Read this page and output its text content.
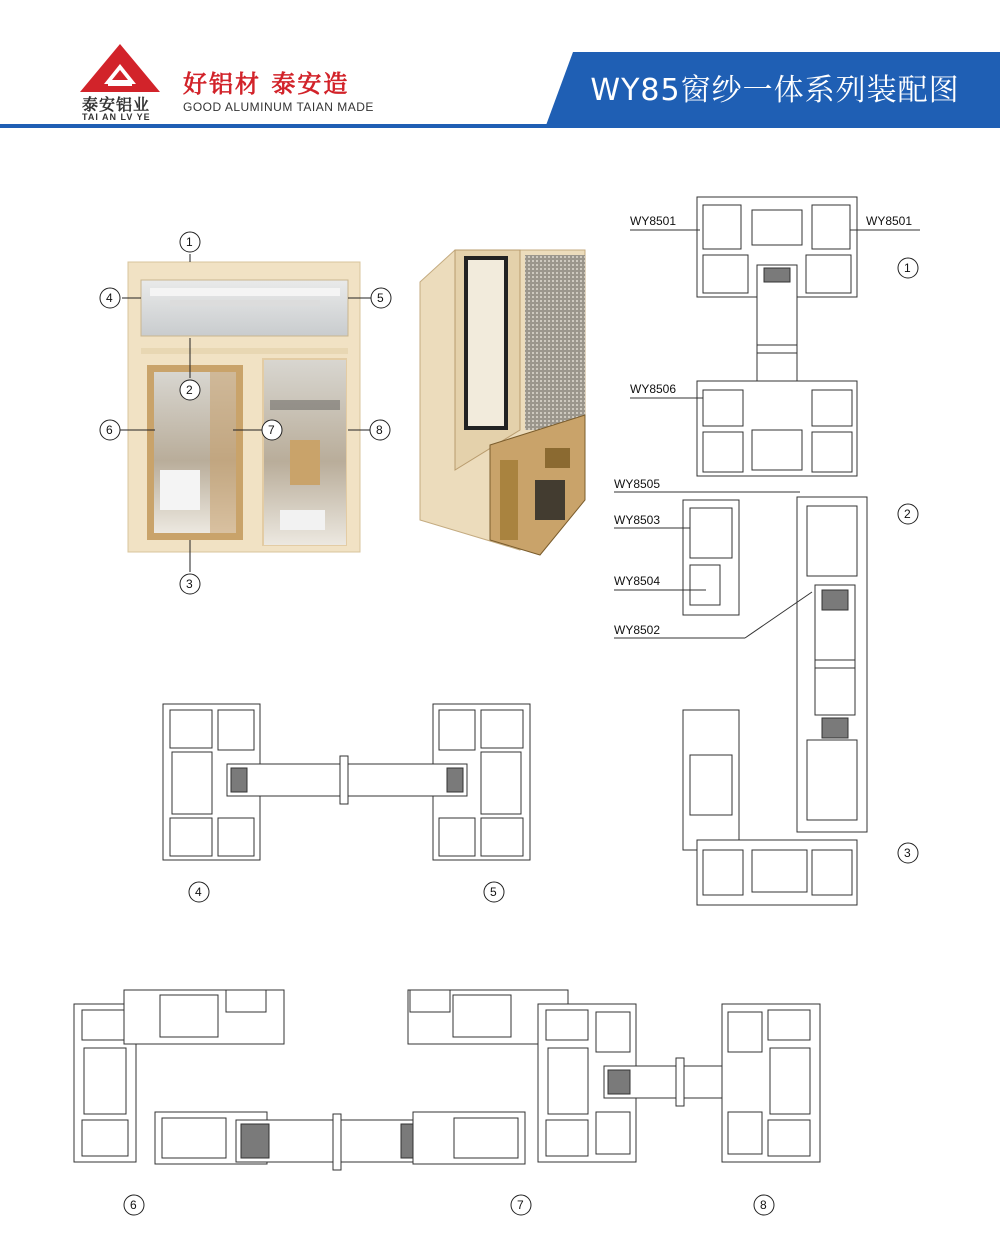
WY85窗纱一体系列装配图
泰安铝业
TAI AN LV YE
好铝材 泰安造
GOOD ALUMINUM TAIAN MADE
1
4	5
2
6	7	8
3
WY8501	WY8501
WY8506
WY8505
WY8503
WY8504
WY8502
1
2
3
4	5
6	7	8
